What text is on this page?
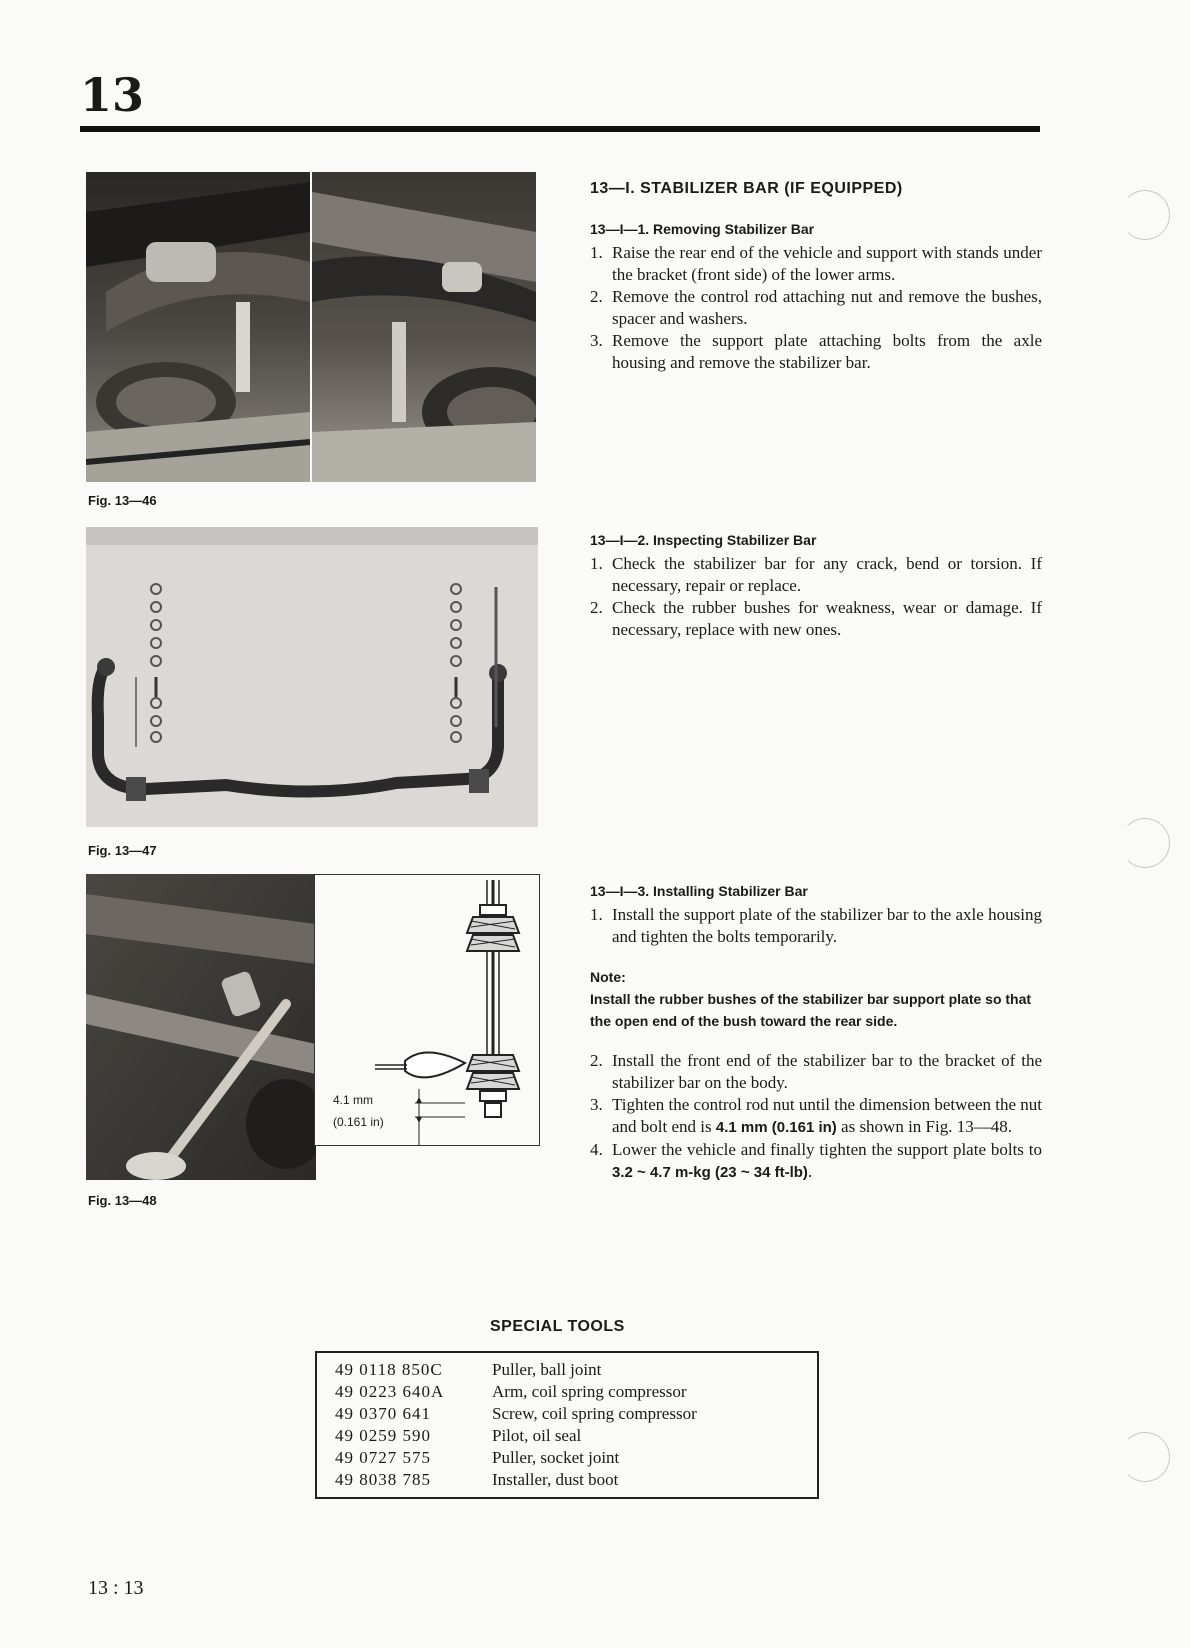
13
Fig. 13—46
Fig. 13—47
4.1 mm
(0.161 in)
Fig. 13—48
13—I. STABILIZER BAR (IF EQUIPPED)
13—I—1. Removing Stabilizer Bar
1. Raise the rear end of the vehicle and support with stands under the bracket (front side) of the lower arms.
2. Remove the control rod attaching nut and remove the bushes, spacer and washers.
3. Remove the support plate attaching bolts from the axle housing and remove the stabilizer bar.
13—I—2. Inspecting Stabilizer Bar
1. Check the stabilizer bar for any crack, bend or torsion. If necessary, repair or replace.
2. Check the rubber bushes for weakness, wear or damage. If necessary, replace with new ones.
13—I—3. Installing Stabilizer Bar
1. Install the support plate of the stabilizer bar to the axle housing and tighten the bolts temporarily.
Note:
Install the rubber bushes of the stabilizer bar support plate so that the open end of the bush toward the rear side.
2. Install the front end of the stabilizer bar to the bracket of the stabilizer bar on the body.
3. Tighten the control rod nut until the dimension between the nut and bolt end is 4.1 mm (0.161 in) as shown in Fig. 13—48.
4. Lower the vehicle and finally tighten the support plate bolts to 3.2 ~ 4.7 m-kg (23 ~ 34 ft-lb).
SPECIAL TOOLS
49 0118 850C	Puller, ball joint
49 0223 640A	Arm, coil spring compressor
49 0370 641	Screw, coil spring compressor
49 0259 590	Pilot, oil seal
49 0727 575	Puller, socket joint
49 8038 785	Installer, dust boot
13 : 13
